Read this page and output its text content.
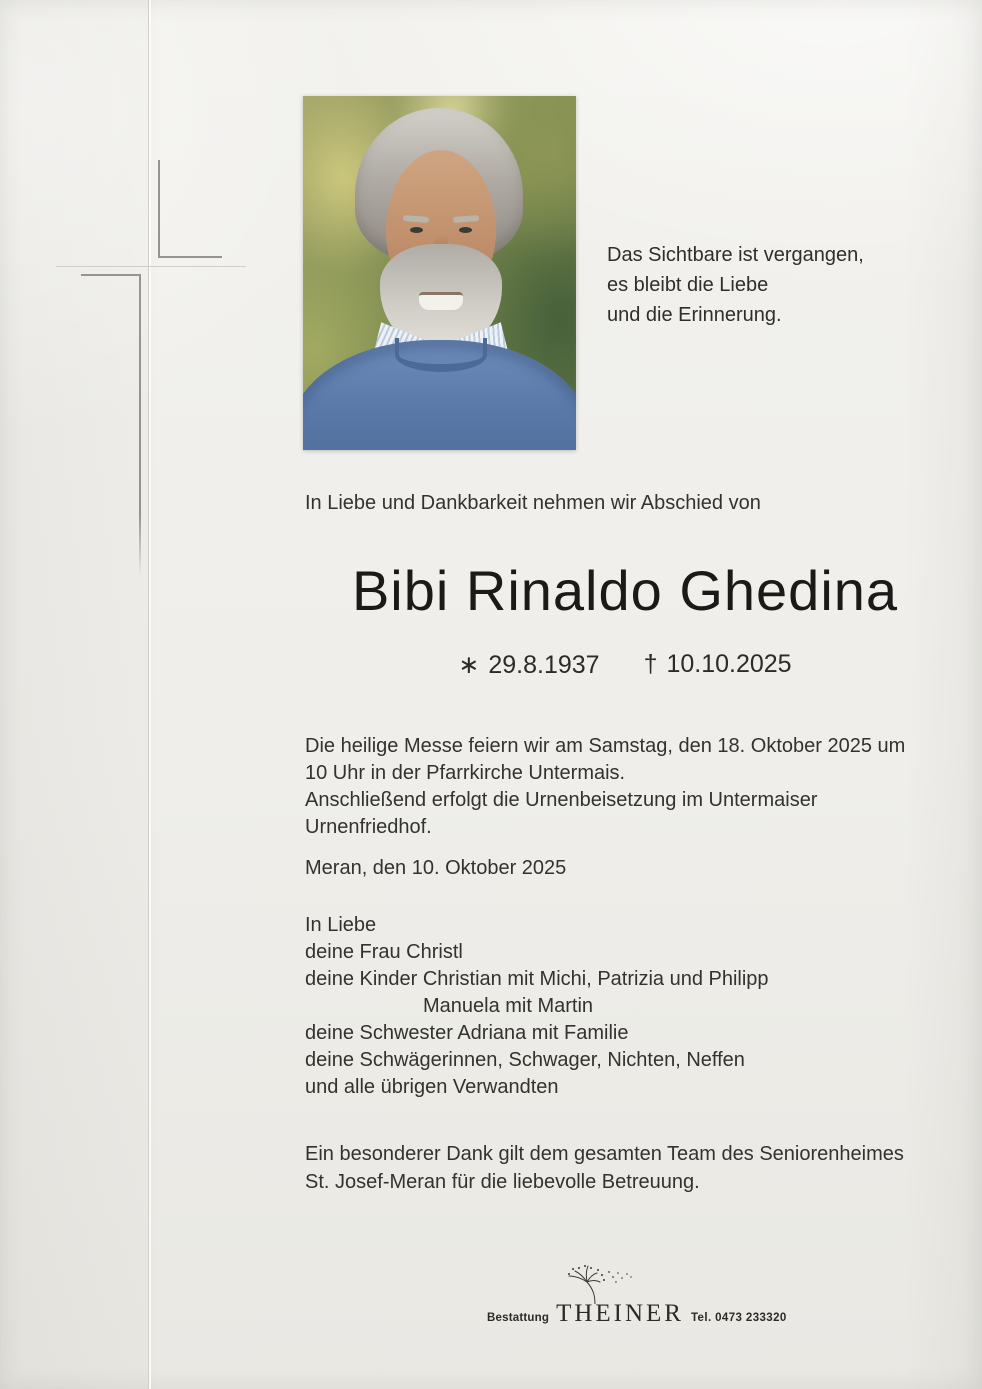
Das Sichtbare ist vergangen,
es bleibt die Liebe
und die Erinnerung.
In Liebe und Dankbarkeit nehmen wir Abschied von
Bibi Rinaldo Ghedina
∗ 29.8.1937 † 10.10.2025
Die heilige Messe feiern wir am Samstag, den 18. Oktober 2025 um
10 Uhr in der Pfarrkirche Untermais.
Anschließend erfolgt die Urnenbeisetzung im Untermaiser
Urnenfriedhof.
Meran, den 10. Oktober 2025
In Liebe
deine Frau Christl
deine Kinder Christian mit Michi, Patrizia und Philipp
Manuela mit Martin
deine Schwester Adriana mit Familie
deine Schwägerinnen, Schwager, Nichten, Neffen
und alle übrigen Verwandten
Ein besonderer Dank gilt dem gesamten Team des Seniorenheimes
St. Josef-Meran für die liebevolle Betreuung.
Bestattung THEINER Tel. 0473 233320
